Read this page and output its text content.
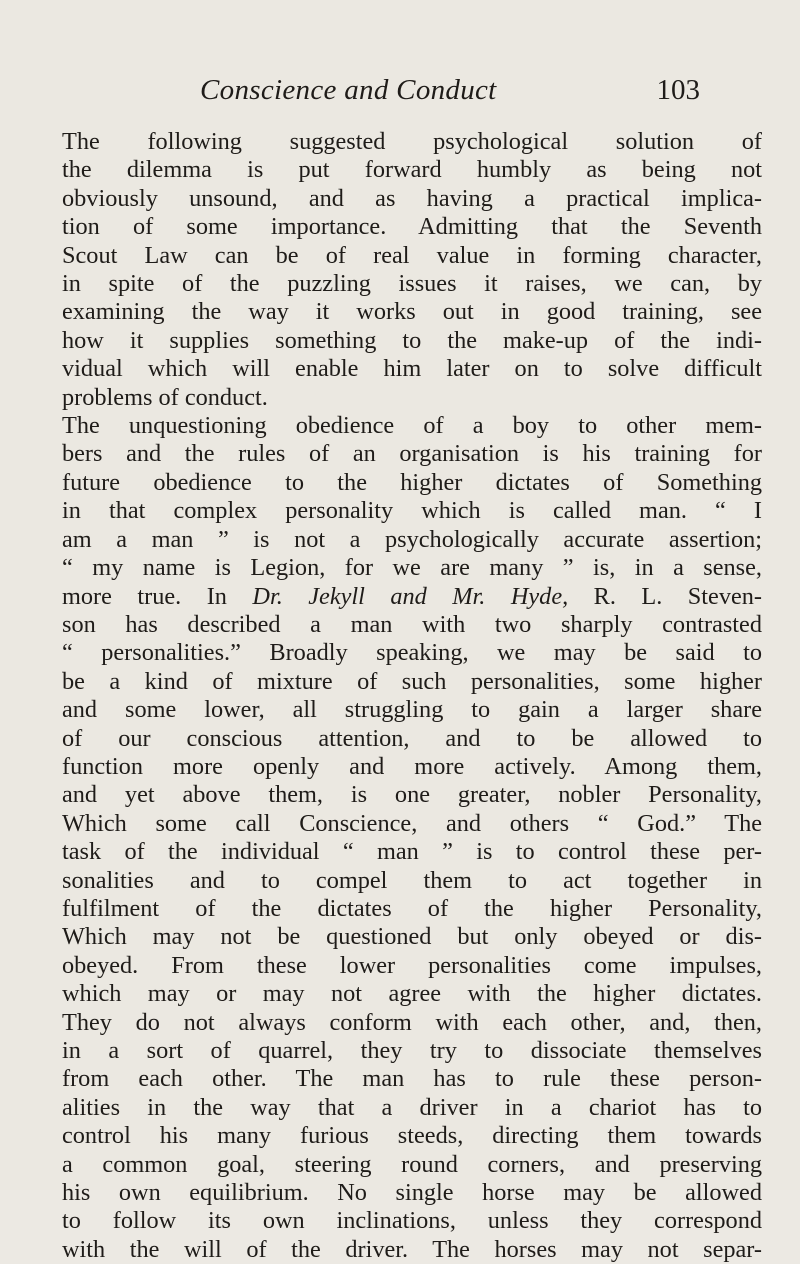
Conscience and Conduct	103
The following suggested psychological solution of
the dilemma is put forward humbly as being not
obviously unsound, and as having a practical implica-
tion of some importance. Admitting that the Seventh
Scout Law can be of real value in forming character,
in spite of the puzzling issues it raises, we can, by
examining the way it works out in good training, see
how it supplies something to the make-up of the indi-
vidual which will enable him later on to solve difficult
problems of conduct.
The unquestioning obedience of a boy to other mem-
bers and the rules of an organisation is his training for
future obedience to the higher dictates of Something
in that complex personality which is called man. “ I
am a man ” is not a psychologically accurate assertion;
“ my name is Legion, for we are many ” is, in a sense,
more true. In Dr. Jekyll and Mr. Hyde, R. L. Steven-
son has described a man with two sharply contrasted
“ personalities.” Broadly speaking, we may be said to
be a kind of mixture of such personalities, some higher
and some lower, all struggling to gain a larger share
of our conscious attention, and to be allowed to
function more openly and more actively. Among them,
and yet above them, is one greater, nobler Personality,
Which some call Conscience, and others “ God.” The
task of the individual “ man ” is to control these per-
sonalities and to compel them to act together in
fulfilment of the dictates of the higher Personality,
Which may not be questioned but only obeyed or dis-
obeyed. From these lower personalities come impulses,
which may or may not agree with the higher dictates.
They do not always conform with each other, and, then,
in a sort of quarrel, they try to dissociate themselves
from each other. The man has to rule these person-
alities in the way that a driver in a chariot has to
control his many furious steeds, directing them towards
a common goal, steering round corners, and preserving
his own equilibrium. No single horse may be allowed
to follow its own inclinations, unless they correspond
with the will of the driver. The horses may not separ-
